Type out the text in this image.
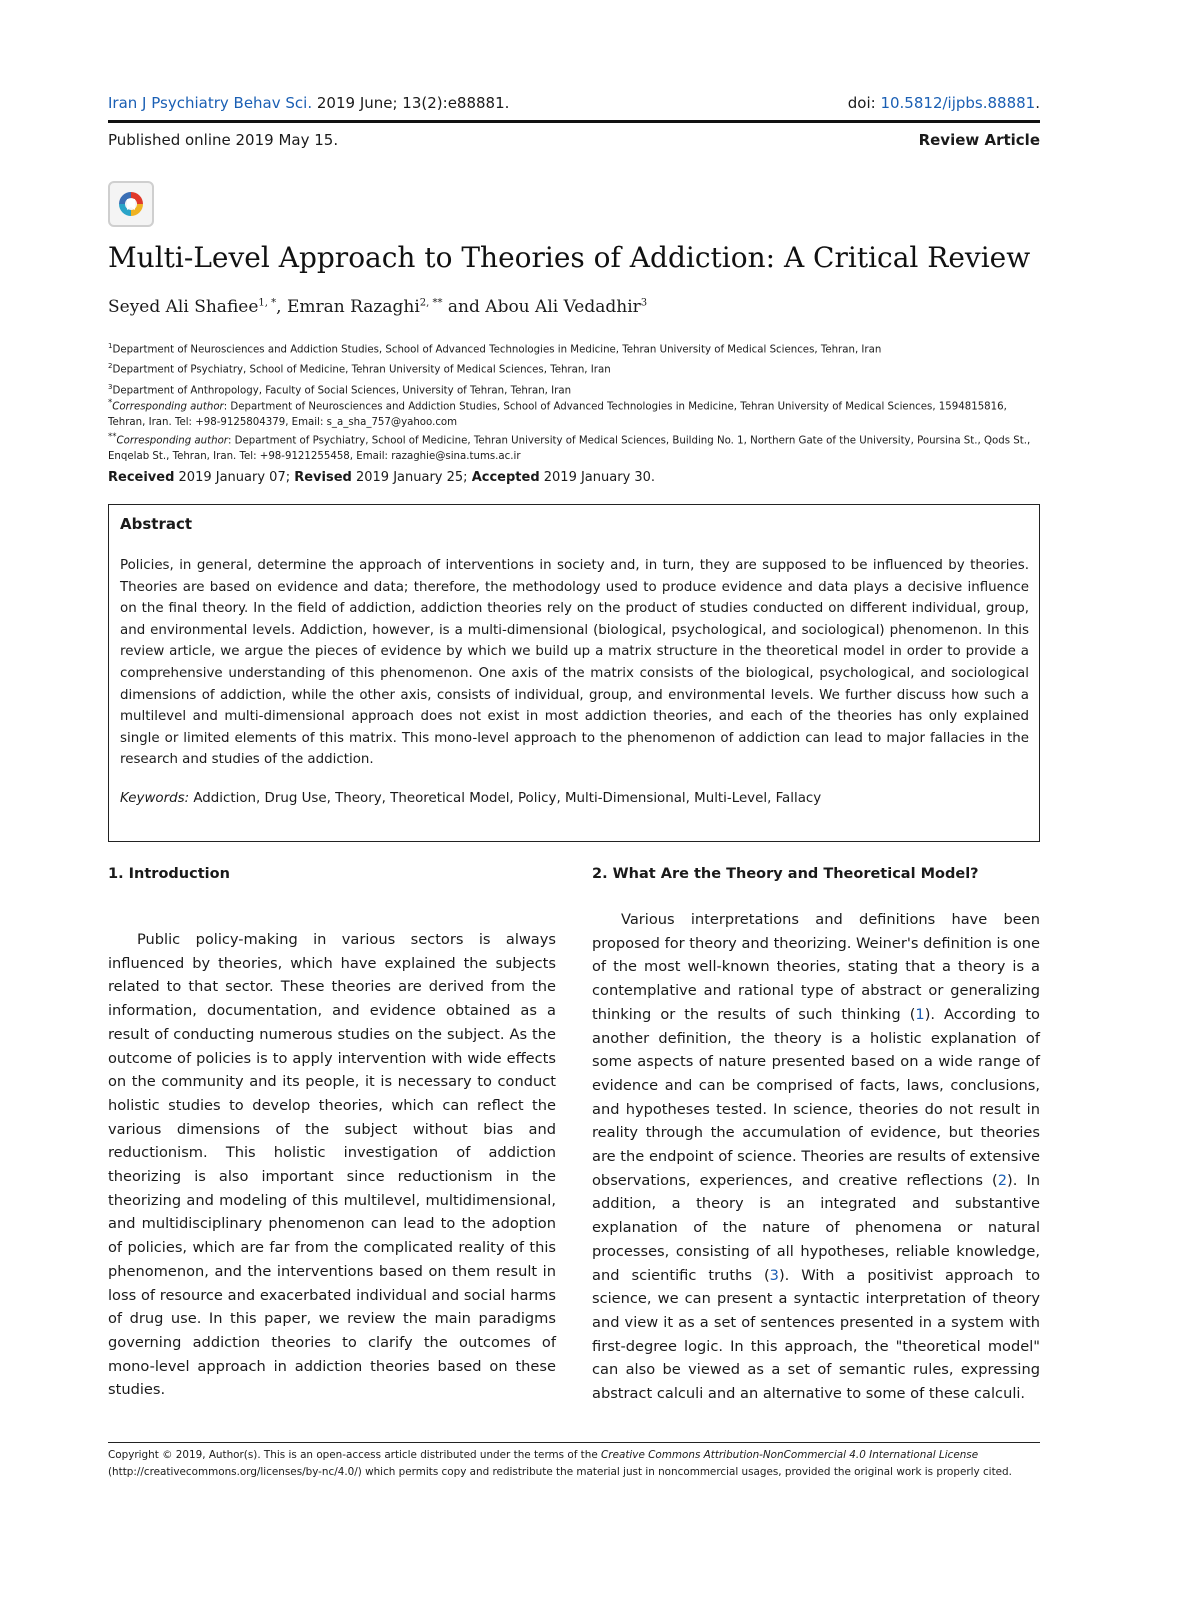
Iran J Psychiatry Behav Sci. 2019 June; 13(2):e88881.	doi: 10.5812/ijpbs.88881.
Published online 2019 May 15.	Review Article
Multi-Level Approach to Theories of Addiction: A Critical Review
Seyed Ali Shafiee$^{1, *}$, Emran Razaghi$^{2, **}$ and Abou Ali Vedadhir$^3$
$^1$Department of Neurosciences and Addiction Studies, School of Advanced Technologies in Medicine, Tehran University of Medical Sciences, Tehran, Iran
$^2$Department of Psychiatry, School of Medicine, Tehran University of Medical Sciences, Tehran, Iran
$^3$Department of Anthropology, Faculty of Social Sciences, University of Tehran, Tehran, Iran
*Corresponding author: Department of Neurosciences and Addiction Studies, School of Advanced Technologies in Medicine, Tehran University of Medical Sciences, 1594815816, Tehran, Iran. Tel: +98-9125804379, Email: s_a_sha_757@yahoo.com
**Corresponding author: Department of Psychiatry, School of Medicine, Tehran University of Medical Sciences, Building No. 1, Northern Gate of the University, Poursina St., Qods St., Enqelab St., Tehran, Iran. Tel: +98-9121255458, Email: razaghie@sina.tums.ac.ir
Received 2019 January 07; Revised 2019 January 25; Accepted 2019 January 30.
Abstract
Policies, in general, determine the approach of interventions in society and, in turn, they are supposed to be influenced by theories. Theories are based on evidence and data; therefore, the methodology used to produce evidence and data plays a decisive influence on the final theory. In the field of addiction, addiction theories rely on the product of studies conducted on different individual, group, and environmental levels. Addiction, however, is a multi-dimensional (biological, psychological, and sociological) phenomenon. In this review article, we argue the pieces of evidence by which we build up a matrix structure in the theoretical model in order to provide a comprehensive understanding of this phenomenon. One axis of the matrix consists of the biological, psychological, and sociological dimensions of addiction, while the other axis, consists of individual, group, and environmental levels. We further discuss how such a multilevel and multi-dimensional approach does not exist in most addiction theories, and each of the theories has only explained single or limited elements of this matrix. This mono-level approach to the phenomenon of addiction can lead to major fallacies in the research and studies of the addiction.
Keywords: Addiction, Drug Use, Theory, Theoretical Model, Policy, Multi-Dimensional, Multi-Level, Fallacy
1. Introduction
Public policy-making in various sectors is always influenced by theories, which have explained the subjects related to that sector. These theories are derived from the information, documentation, and evidence obtained as a result of conducting numerous studies on the subject. As the outcome of policies is to apply intervention with wide effects on the community and its people, it is necessary to conduct holistic studies to develop theories, which can reflect the various dimensions of the subject without bias and reductionism. This holistic investigation of addiction theorizing is also important since reductionism in the theorizing and modeling of this multilevel, multidimensional, and multidisciplinary phenomenon can lead to the adoption of policies, which are far from the complicated reality of this phenomenon, and the interventions based on them result in loss of resource and exacerbated individual and social harms of drug use. In this paper, we review the main paradigms governing addiction theories to clarify the outcomes of mono-level approach in addiction theories based on these studies.
2. What Are the Theory and Theoretical Model?
Various interpretations and definitions have been proposed for theory and theorizing. Weiner's definition is one of the most well-known theories, stating that a theory is a contemplative and rational type of abstract or generalizing thinking or the results of such thinking (1). According to another definition, the theory is a holistic explanation of some aspects of nature presented based on a wide range of evidence and can be comprised of facts, laws, conclusions, and hypotheses tested. In science, theories do not result in reality through the accumulation of evidence, but theories are the endpoint of science. Theories are results of extensive observations, experiences, and creative reflections (2). In addition, a theory is an integrated and substantive explanation of the nature of phenomena or natural processes, consisting of all hypotheses, reliable knowledge, and scientific truths (3). With a positivist approach to science, we can present a syntactic interpretation of theory and view it as a set of sentences presented in a system with first-degree logic. In this approach, the "theoretical model" can also be viewed as a set of semantic rules, expressing abstract calculi and an alternative to some of these calculi.
Copyright © 2019, Author(s). This is an open-access article distributed under the terms of the Creative Commons Attribution-NonCommercial 4.0 International License (http://creativecommons.org/licenses/by-nc/4.0/) which permits copy and redistribute the material just in noncommercial usages, provided the original work is properly cited.
